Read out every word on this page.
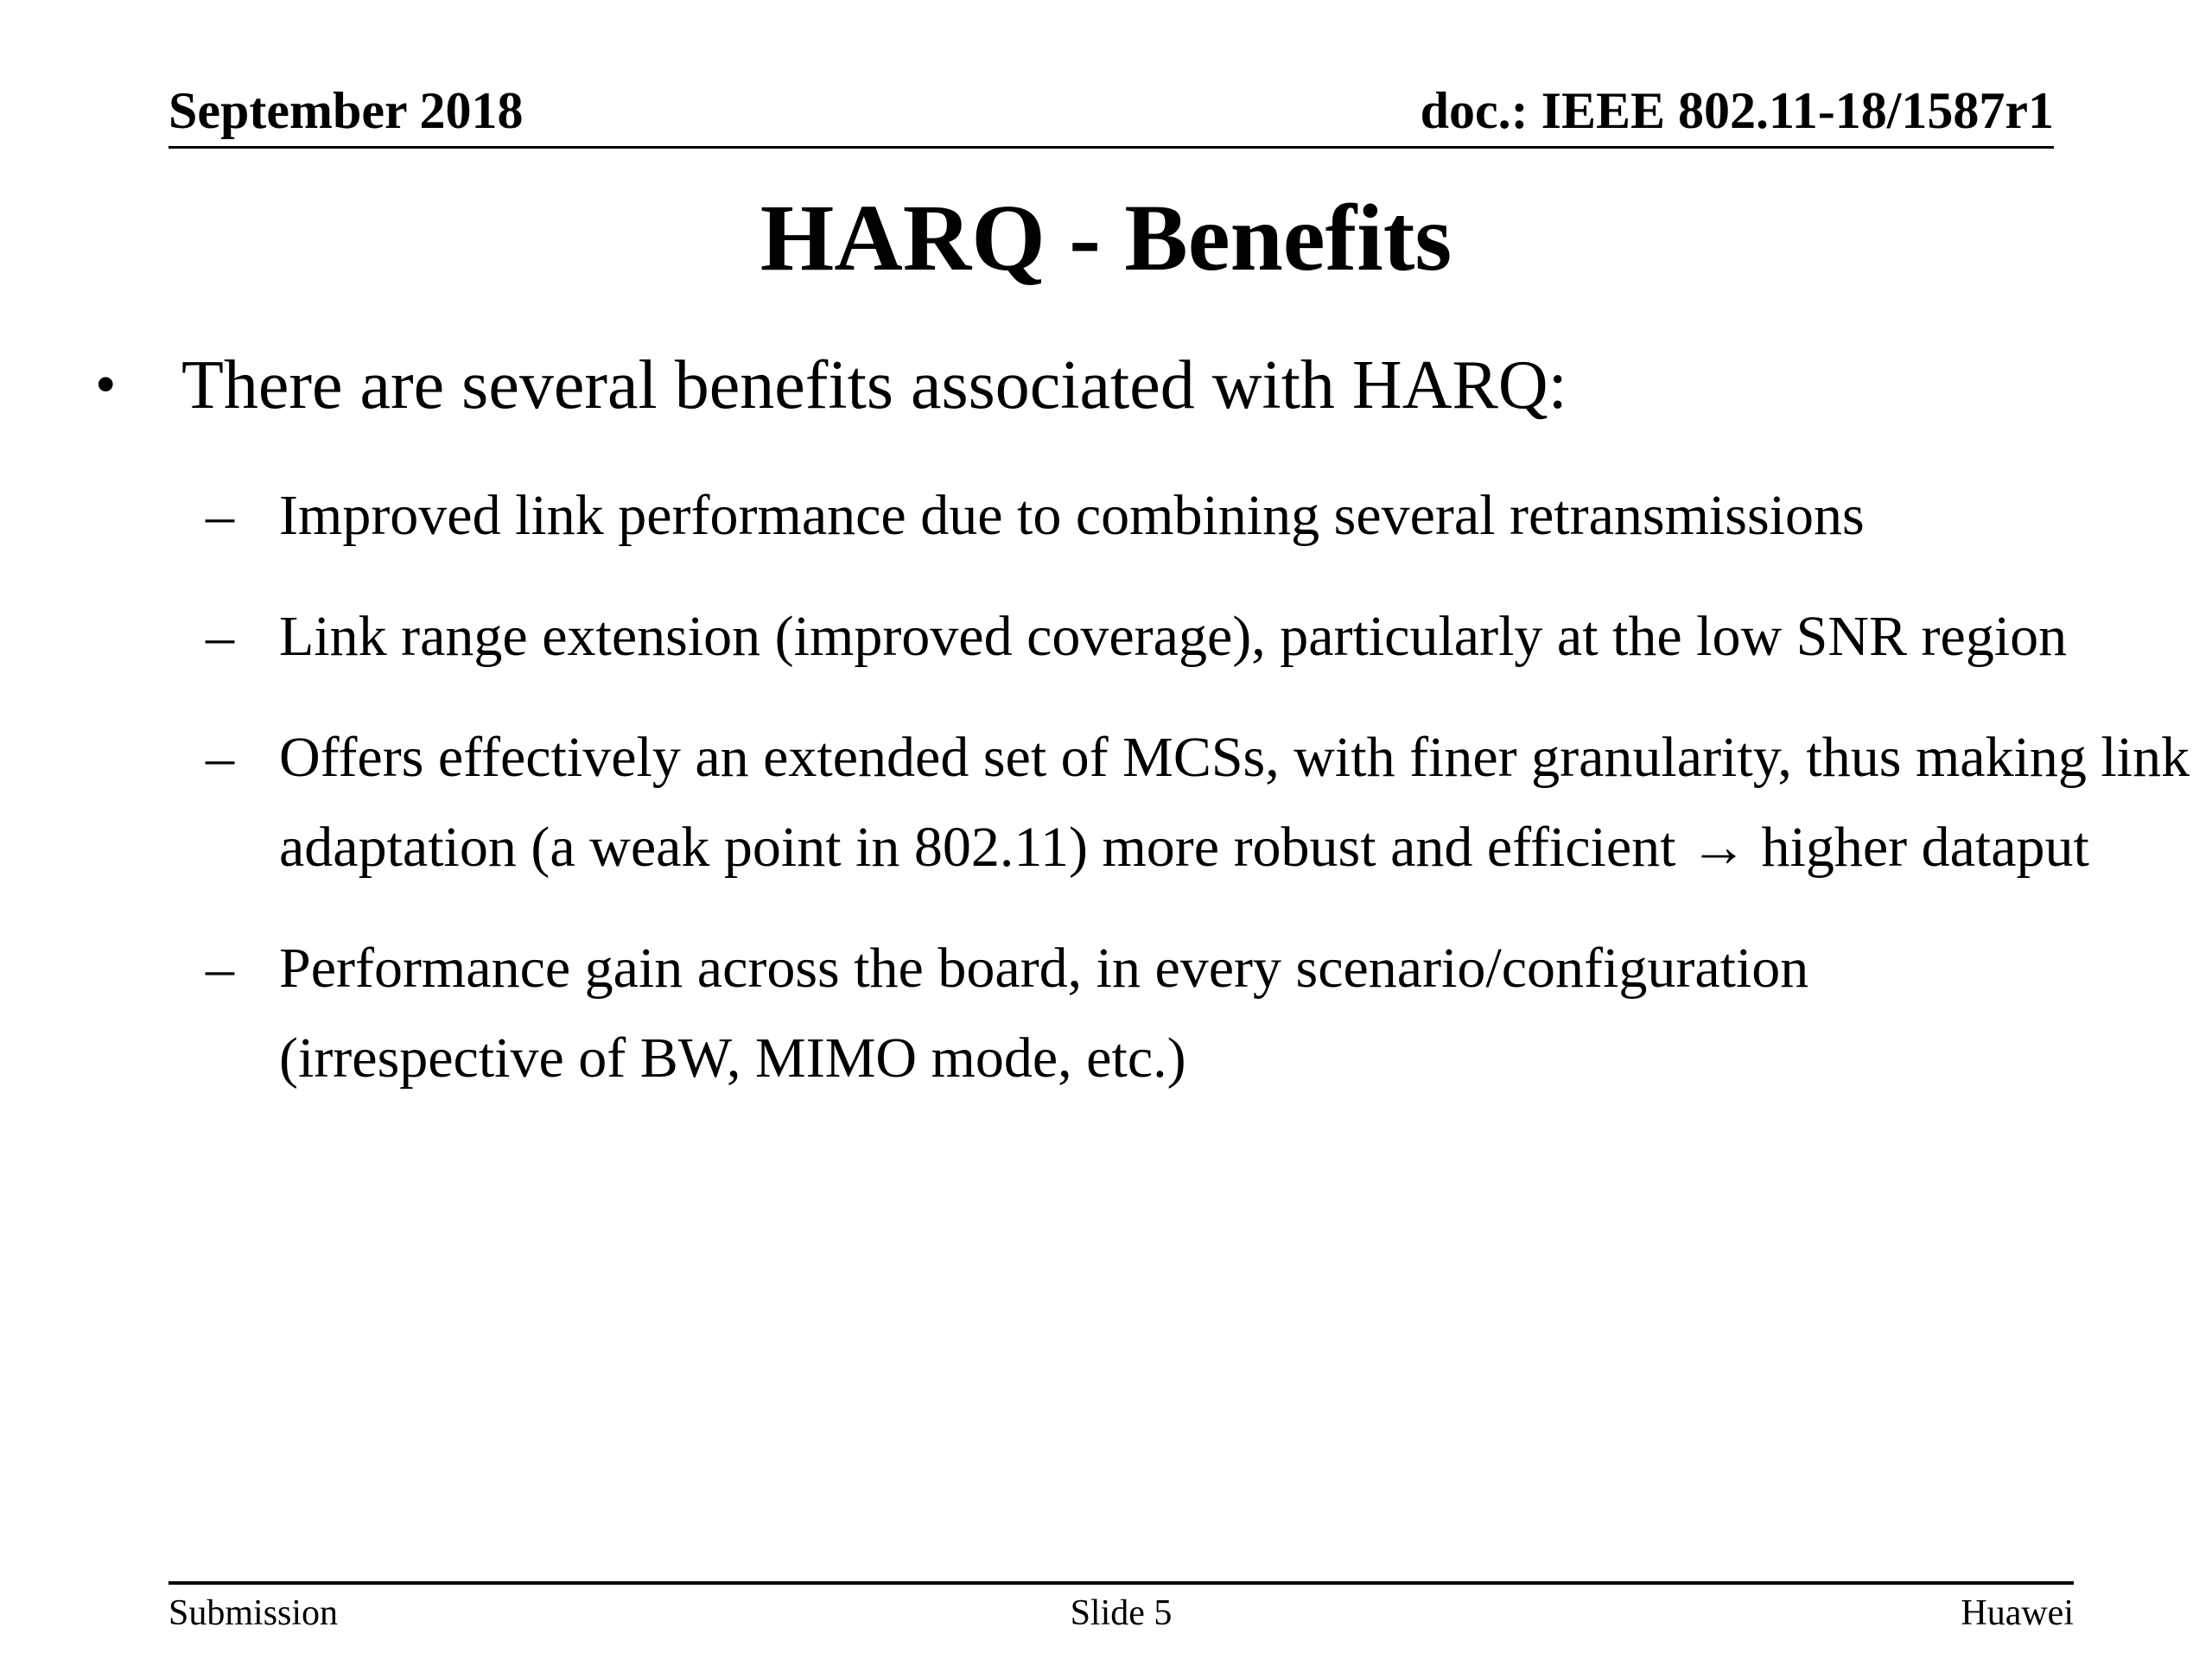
September 2018	doc.: IEEE 802.11-18/1587r1
HARQ - Benefits
• There are several benefits associated with HARQ:
– Improved link performance due to combining several retransmissions
– Link range extension (improved coverage), particularly at the low SNR region
– Offers effectively an extended set of MCSs, with finer granularity, thus making link adaptation (a weak point in 802.11) more robust and efficient → higher dataput
– Performance gain across the board, in every scenario/configuration (irrespective of BW, MIMO mode, etc.)
Submission	Slide 5	Huawei
